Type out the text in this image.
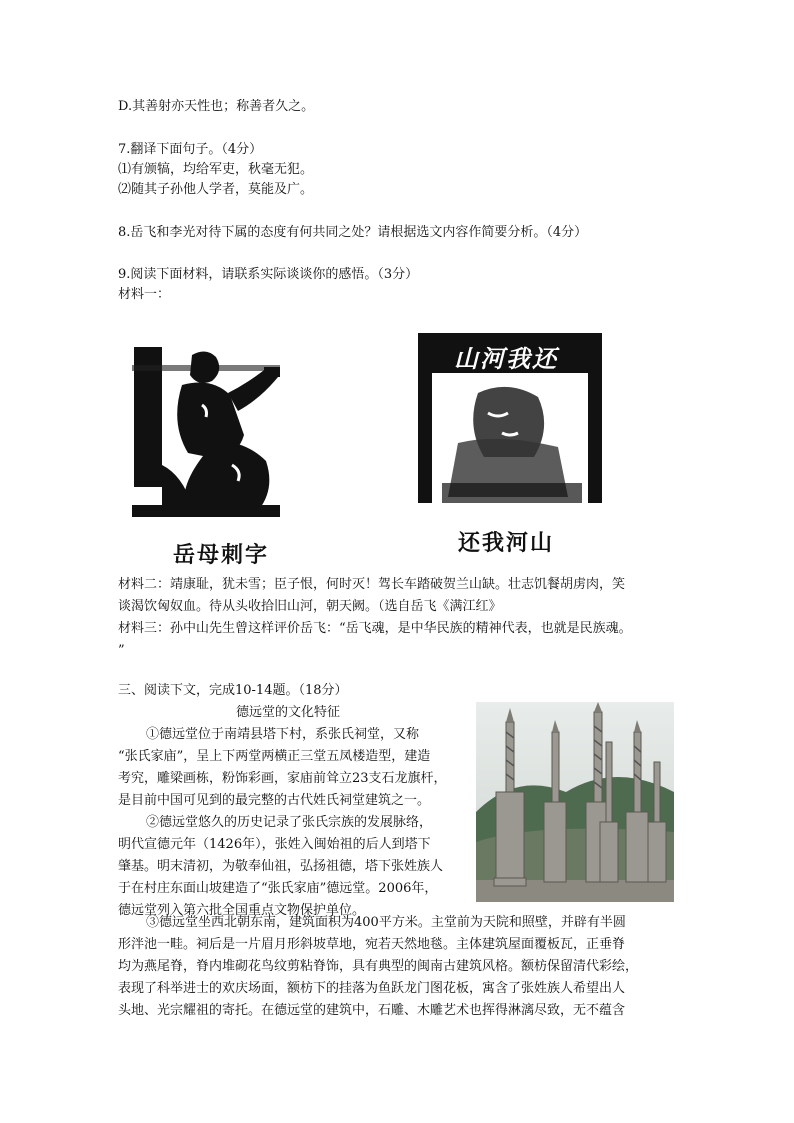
D.其善射亦天性也；称善者久之。
7.翻译下面句子。（4分）
⑴有颁犒，均给军吏，秋毫无犯。
⑵随其子孙他人学者，莫能及广。
8.岳飞和李光对待下属的态度有何共同之处？请根据选文内容作简要分析。（4分）
9.阅读下面材料，请联系实际谈谈你的感悟。（3分）
材料一：
岳母刺字
山河我还
还我河山
材料二：靖康耻，犹未雪；臣子恨，何时灭！驾长车踏破贺兰山缺。壮志饥餐胡虏肉，笑
谈渴饮匈奴血。待从头收拾旧山河，朝天阙。（选自岳飞《满江红》
材料三：孙中山先生曾这样评价岳飞：“岳飞魂，是中华民族的精神代表，也就是民族魂。
”
三、阅读下文，完成10-14题。（18分）
德远堂的文化特征
①德远堂位于南靖县塔下村，系张氏祠堂，又称
“张氏家庙”，呈上下两堂两横正三堂五凤楼造型，建造
考究，雕梁画栋，粉饰彩画，家庙前耸立23支石龙旗杆，
是目前中国可见到的最完整的古代姓氏祠堂建筑之一。
②德远堂悠久的历史记录了张氏宗族的发展脉络，
明代宣德元年（1426年），张姓入闽始祖的后人到塔下
肇基。明末清初，为敬奉仙祖，弘扬祖德，塔下张姓族人
于在村庄东面山坡建造了“张氏家庙”德远堂。2006年，
德远堂列入第六批全国重点文物保护单位。
③德远堂坐西北朝东南，建筑面积为400平方米。主堂前为天院和照壁，并辟有半圆
形泮池一畦。祠后是一片眉月形斜坡草地，宛若天然地毯。主体建筑屋面覆板瓦，正垂脊
均为燕尾脊，脊内堆砌花鸟纹剪粘脊饰，具有典型的闽南古建筑风格。额枋保留清代彩绘，
表现了科举进士的欢庆场面，额枋下的挂落为鱼跃龙门图花板，寓含了张姓族人希望出人
头地、光宗耀祖的寄托。在德远堂的建筑中，石雕、木雕艺术也挥得淋漓尽致，无不蕴含
